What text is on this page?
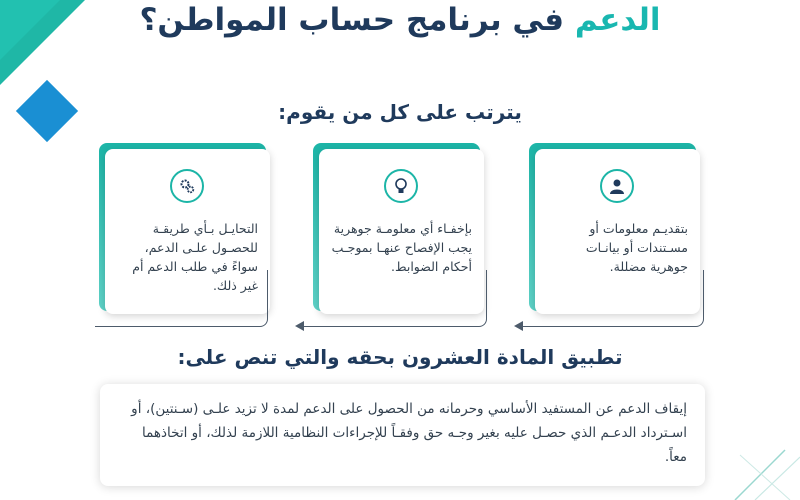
الدعم في برنامج حساب المواطن؟
يترتب على كل من يقوم:
بتقديـم معلومات أو مسـتندات أو بيانـات جوهرية مضللة.
بإخفـاء أي معلومـة جوهرية يجب الإفصاح عنهـا بموجـب أحكام الضوابط.
التحايـل بـأي طريقـة للحصـول علـى الدعم، سواءً في طلب الدعم أم غير ذلك.
تطبيق المادة العشرون بحقه والتي تنص على:
إيقاف الدعم عن المستفيد الأساسي وحرمانه من الحصول على الدعم لمدة لا تزيد علـى (سـنتين)، أو اسـترداد الدعـم الذي حصـل عليه بغير وجـه حق وفقـاً للإجراءات النظامية اللازمة لذلك، أو اتخاذهما معاً.
